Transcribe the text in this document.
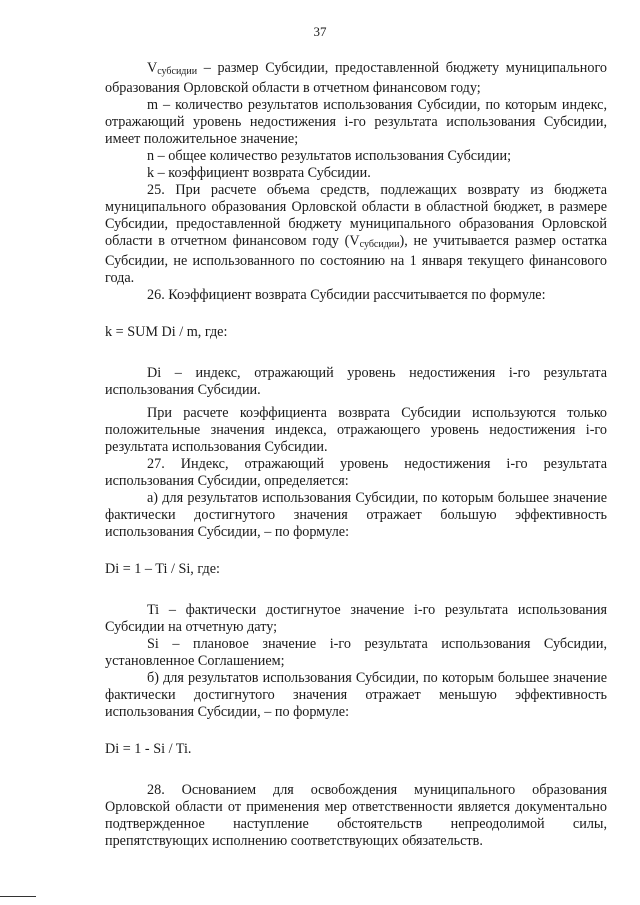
37

$V_{субсидии}$ – размер Субсидии, предоставленной бюджету муниципального образования Орловской области в отчетном финансовом году;

m – количество результатов использования Субсидии, по которым индекс, отражающий уровень недостижения i-го результата использования Субсидии, имеет положительное значение;

n – общее количество результатов использования Субсидии;

k – коэффициент возврата Субсидии.

25. При расчете объема средств, подлежащих возврату из бюджета муниципального образования Орловской области в областной бюджет, в размере Субсидии, предоставленной бюджету муниципального образования Орловской области в отчетном финансовом году $(V_{субсидии})$, не учитывается размер остатка Субсидии, не использованного по состоянию на 1 января текущего финансового года.

26. Коэффициент возврата Субсидии рассчитывается по формуле:

k = SUM Di / m, где:

Di – индекс, отражающий уровень недостижения i-го результата использования Субсидии.

При расчете коэффициента возврата Субсидии используются только положительные значения индекса, отражающего уровень недостижения i-го результата использования Субсидии.

27. Индекс, отражающий уровень недостижения i-го результата использования Субсидии, определяется:

а) для результатов использования Субсидии, по которым большее значение фактически достигнутого значения отражает большую эффективность использования Субсидии, – по формуле:

Di = 1 – Ti / Si, где:

Ti – фактически достигнутое значение i-го результата использования Субсидии на отчетную дату;

Si – плановое значение i-го результата использования Субсидии, установленное Соглашением;

б) для результатов использования Субсидии, по которым большее значение фактически достигнутого значения отражает меньшую эффективность использования Субсидии, – по формуле:

Di = 1 - Si / Ti.

28. Основанием для освобождения муниципального образования Орловской области от применения мер ответственности является документально подтвержденное наступление обстоятельств непреодолимой силы, препятствующих исполнению соответствующих обязательств.
